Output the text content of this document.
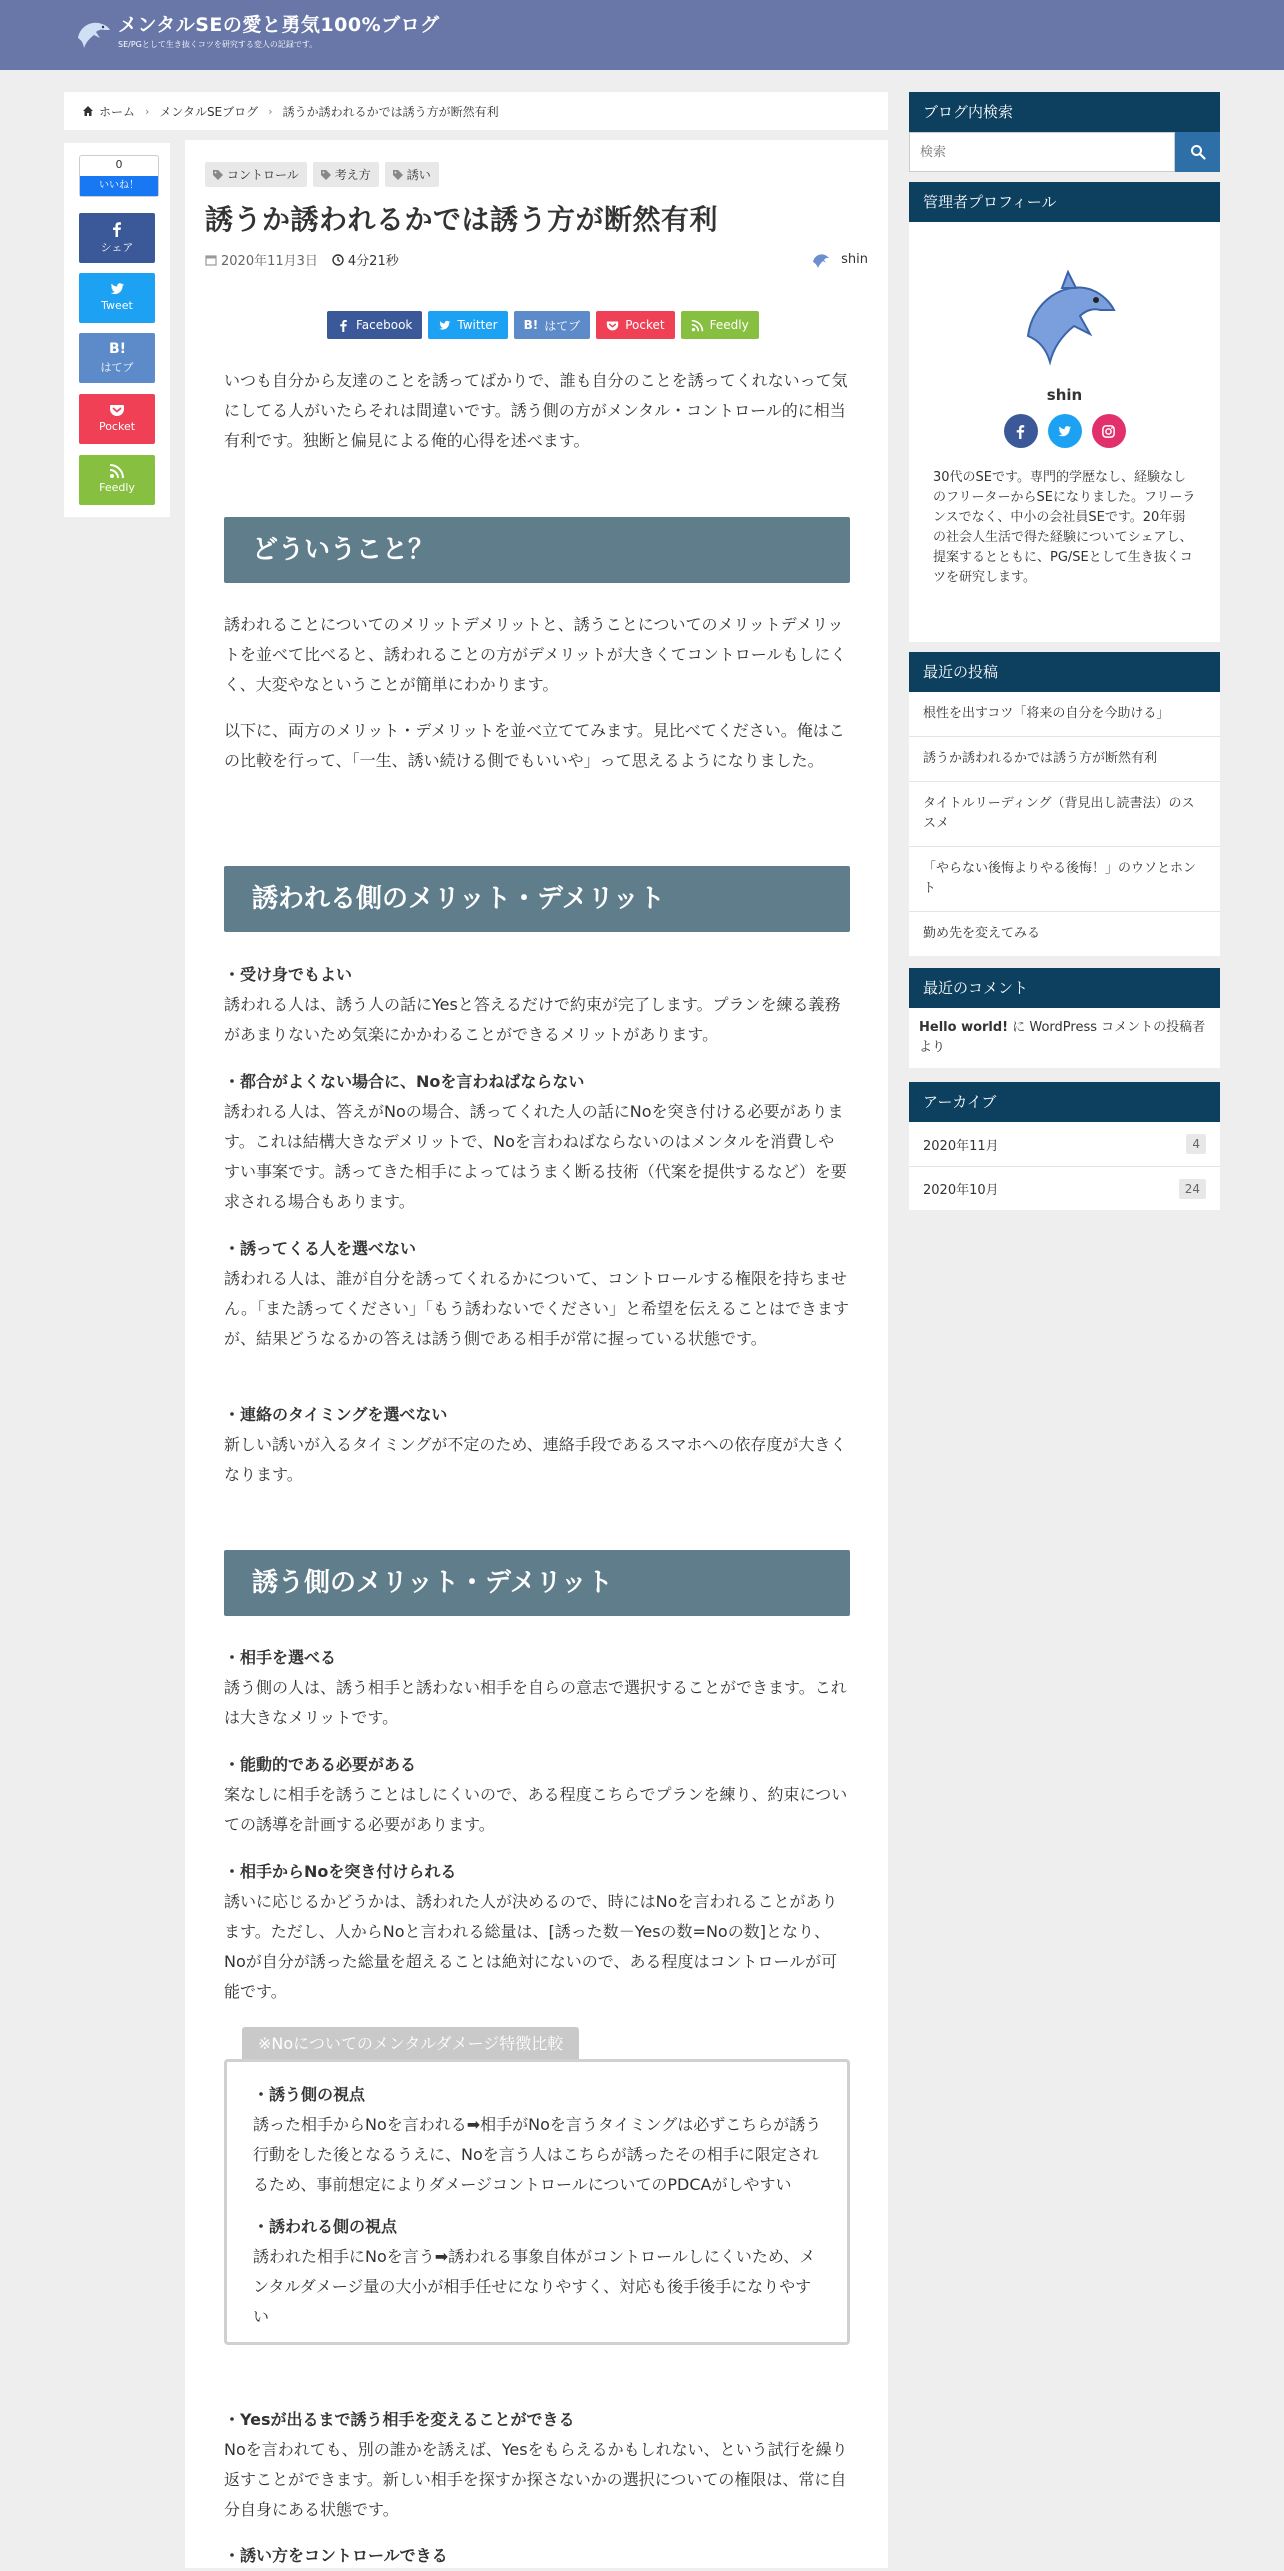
メンタルSEの愛と勇気100%ブログ
SE/PGとして生き抜くコツを研究する変人の記録です。
ホーム › メンタルSEブログ › 誘うか誘われるかでは誘う方が断然有利
0
いいね！
シェア
Tweet
B!
はてブ
Pocket
Feedly
コントロール	考え方	誘い
誘うか誘われるかでは誘う方が断然有利
2020年11月3日 4分21秒	shin
Facebook	Twitter B! はてブ	Pocket	Feedly
いつも自分から友達のことを誘ってばかりで、誰も自分のことを誘ってくれないって気にしてる人がいたらそれは間違いです。誘う側の方がメンタル・コントロール的に相当有利です。独断と偏見による俺的心得を述べます。
どういうこと？
誘われることについてのメリットデメリットと、誘うことについてのメリットデメリットを並べて比べると、誘われることの方がデメリットが大きくてコントロールもしにくく、大変やなということが簡単にわかります。
以下に、両方のメリット・デメリットを並べ立ててみます。見比べてください。俺はこの比較を行って、「一生、誘い続ける側でもいいや」って思えるようになりました。
誘われる側のメリット・デメリット
・受け身でもよい
誘われる人は、誘う人の話にYesと答えるだけで約束が完了します。プランを練る義務があまりないため気楽にかかわることができるメリットがあります。
・都合がよくない場合に、Noを言わねばならない
誘われる人は、答えがNoの場合、誘ってくれた人の話にNoを突き付ける必要があります。これは結構大きなデメリットで、Noを言わねばならないのはメンタルを消費しやすい事案です。誘ってきた相手によってはうまく断る技術（代案を提供するなど）を要求される場合もあります。
・誘ってくる人を選べない
誘われる人は、誰が自分を誘ってくれるかについて、コントロールする権限を持ちません。「また誘ってください」「もう誘わないでください」と希望を伝えることはできますが、結果どうなるかの答えは誘う側である相手が常に握っている状態です。
・連絡のタイミングを選べない
新しい誘いが入るタイミングが不定のため、連絡手段であるスマホへの依存度が大きくなります。
誘う側のメリット・デメリット
・相手を選べる
誘う側の人は、誘う相手と誘わない相手を自らの意志で選択することができます。これは大きなメリットです。
・能動的である必要がある
案なしに相手を誘うことはしにくいので、ある程度こちらでプランを練り、約束についての誘導を計画する必要があります。
・相手からNoを突き付けられる
誘いに応じるかどうかは、誘われた人が決めるので、時にはNoを言われることがあります。ただし、人からNoと言われる総量は、[誘った数－Yesの数=Noの数]となり、Noが自分が誘った総量を超えることは絶対にないので、ある程度はコントロールが可能です。
※Noについてのメンタルダメージ特徴比較
・誘う側の視点
誘った相手からNoを言われる➡相手がNoを言うタイミングは必ずこちらが誘う行動をした後となるうえに、Noを言う人はこちらが誘ったその相手に限定されるため、事前想定によりダメージコントロールについてのPDCAがしやすい
・誘われる側の視点
誘われた相手にNoを言う➡誘われる事象自体がコントロールしにくいため、メンタルダメージ量の大小が相手任せになりやすく、対応も後手後手になりやすい
・Yesが出るまで誘う相手を変えることができる
Noを言われても、別の誰かを誘えば、Yesをもらえるかもしれない、という試行を繰り返すことができます。新しい相手を探すか探さないかの選択についての権限は、常に自分自身にある状態です。
・誘い方をコントロールできる
ブログ内検索
検索
管理者プロフィール
shin
30代のSEです。専門的学歴なし、経験なしのフリーターからSEになりました。フリーランスでなく、中小の会社員SEです。20年弱の社会人生活で得た経験についてシェアし、提案するとともに、PG/SEとして生き抜くコツを研究します。
最近の投稿
根性を出すコツ「将来の自分を今助ける」
誘うか誘われるかでは誘う方が断然有利
タイトルリーディング（背見出し読書法）のススメ
「やらない後悔よりやる後悔！」のウソとホント
勤め先を変えてみる
最近のコメント
Hello world! に WordPress コメントの投稿者 より
アーカイブ
2020年11月	4
2020年10月	24
